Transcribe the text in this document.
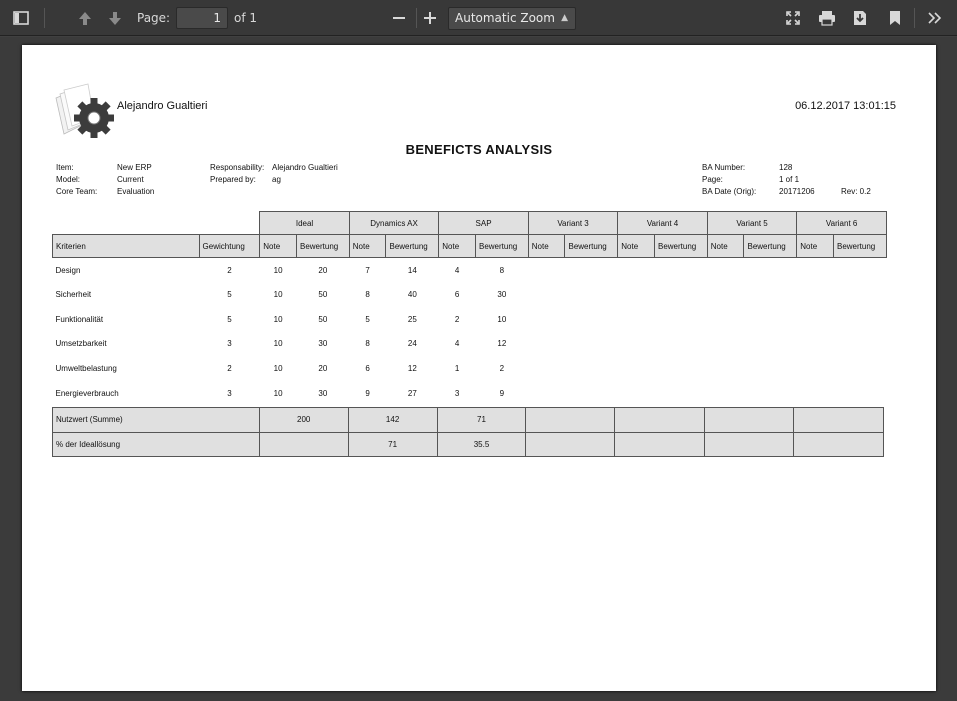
Page:	1	of 1	Automatic Zoom ▲

Alejandro Gualtieri	06.12.2017 13:01:15
BENEFICTS ANALYSIS
Item:	New ERP
Model:	Current
Core Team: Evaluation
Responsability: Alejandro Gualtieri
Prepared by: ag
BA Number:	128
Page:	1 of 1
BA Date (Orig):	20171206	Rev: 0.2
		Ideal		Dynamics AX		SAP		Variant 3		Variant 4		Variant 5		Variant 6	
Kriterien	Gewichtung	Note	Bewertung	Note	Bewertung	Note	Bewertung	Note	Bewertung	Note	Bewertung	Note	Bewertung	Note	Bewertung
Design	2	10	20	7	14	4	8								
Sicherheit	5	10	50	8	40	6	30								
Funktionalität	5	10	50	5	25	2	10								
Umsetzbarkeit	3	10	30	8	24	4	12								
Umweltbelastung	2	10	20	6	12	1	2								
Energieverbrauch	3	10	30	9	27	3	9								
Nutzwert (Summe)	200	142	71				
% der Ideallösung		71	35.5				
